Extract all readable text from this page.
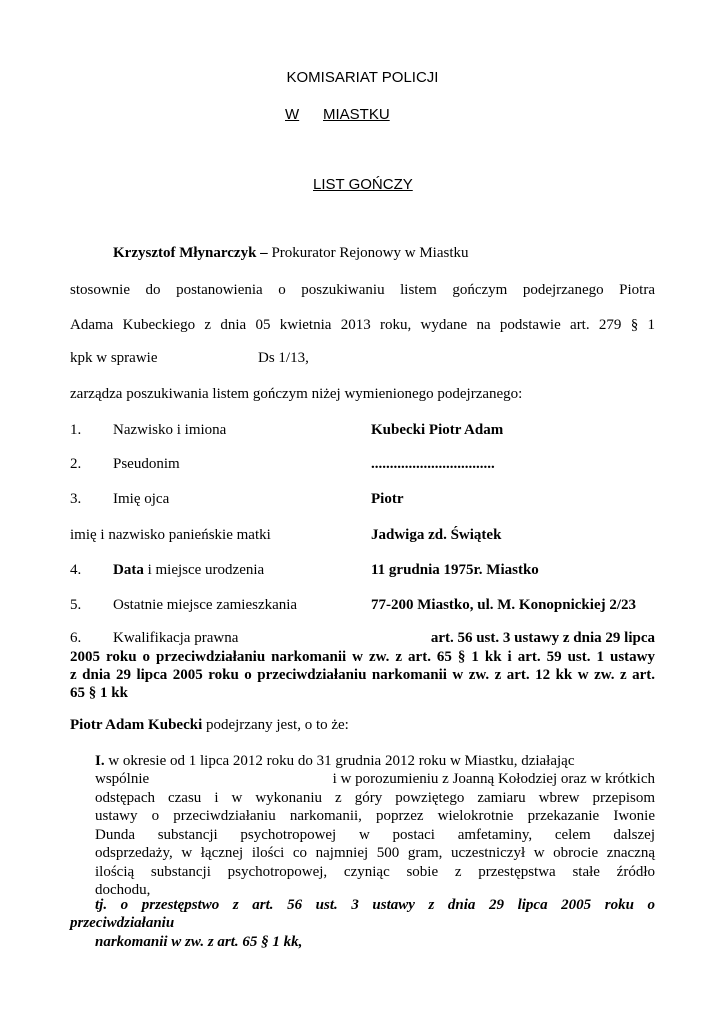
KOMISARIAT POLICJI
W MIASTKU
LIST GOŃCZY
Krzysztof Młynarczyk – Prokurator Rejonowy w Miastku
stosownie do postanowienia o poszukiwaniu listem gończym podejrzanego Piotra
Adama Kubeckiego z dnia 05 kwietnia 2013 roku, wydane na podstawie art. 279 § 1
kpk w sprawie	Ds 1/13,
zarządza poszukiwania listem gończym niżej wymienionego podejrzanego:
1. Nazwisko i imiona	Kubecki Piotr Adam
2. Pseudonim	.................................
3. Imię ojca	Piotr
imię i nazwisko panieńskie matki	Jadwiga zd. Świątek
4. Data i miejsce urodzenia	11 grudnia 1975r. Miastko
5. Ostatnie miejsce zamieszkania	77-200 Miastko, ul. M. Konopnickiej 2/23
6. Kwalifikacja prawna	art. 56 ust. 3 ustawy z dnia 29 lipca
2005 roku o przeciwdziałaniu narkomanii w zw. z art. 65 § 1 kk i art. 59 ust. 1 ustawy
z dnia 29 lipca 2005 roku o przeciwdziałaniu narkomanii w zw. z art. 12 kk w zw. z art.
65 § 1 kk
Piotr Adam Kubecki podejrzany jest, o to że:
I. w okresie od 1 lipca 2012 roku do 31 grudnia 2012 roku w Miastku, działając
wspólnie	i w porozumieniu z Joanną Kołodziej oraz w krótkich
odstępach czasu i w wykonaniu z góry powziętego zamiaru wbrew przepisom
ustawy o przeciwdziałaniu narkomanii, poprzez wielokrotnie przekazanie Iwonie
Dunda substancji psychotropowej w postaci amfetaminy, celem dalszej
odsprzedaży, w łącznej ilości co najmniej 500 gram, uczestniczył w obrocie znaczną
ilością substancji psychotropowej, czyniąc sobie z przestępstwa stałe źródło
dochodu,
tj. o przestępstwo z art. 56 ust. 3 ustawy z dnia 29 lipca 2005 roku o
przeciwdziałaniu
narkomanii w zw. z art. 65 § 1 kk,
